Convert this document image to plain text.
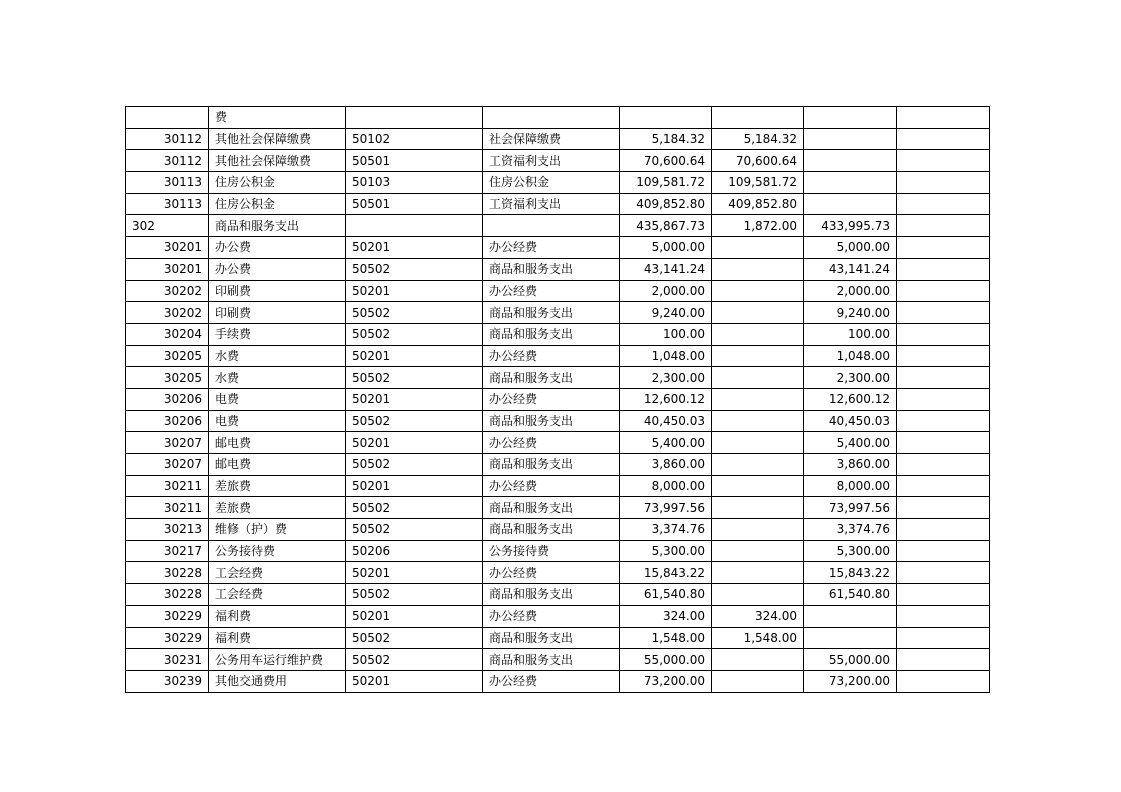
	费						
30112	其他社会保障缴费	50102	社会保障缴费	5,184.32	5,184.32		
30112	其他社会保障缴费	50501	工资福利支出	70,600.64	70,600.64		
30113	住房公积金	50103	住房公积金	109,581.72	109,581.72		
30113	住房公积金	50501	工资福利支出	409,852.80	409,852.80		
302	商品和服务支出			435,867.73	1,872.00	433,995.73	
30201	办公费	50201	办公经费	5,000.00		5,000.00	
30201	办公费	50502	商品和服务支出	43,141.24		43,141.24	
30202	印刷费	50201	办公经费	2,000.00		2,000.00	
30202	印刷费	50502	商品和服务支出	9,240.00		9,240.00	
30204	手续费	50502	商品和服务支出	100.00		100.00	
30205	水费	50201	办公经费	1,048.00		1,048.00	
30205	水费	50502	商品和服务支出	2,300.00		2,300.00	
30206	电费	50201	办公经费	12,600.12		12,600.12	
30206	电费	50502	商品和服务支出	40,450.03		40,450.03	
30207	邮电费	50201	办公经费	5,400.00		5,400.00	
30207	邮电费	50502	商品和服务支出	3,860.00		3,860.00	
30211	差旅费	50201	办公经费	8,000.00		8,000.00	
30211	差旅费	50502	商品和服务支出	73,997.56		73,997.56	
30213	维修（护）费	50502	商品和服务支出	3,374.76		3,374.76	
30217	公务接待费	50206	公务接待费	5,300.00		5,300.00	
30228	工会经费	50201	办公经费	15,843.22		15,843.22	
30228	工会经费	50502	商品和服务支出	61,540.80		61,540.80	
30229	福利费	50201	办公经费	324.00	324.00		
30229	福利费	50502	商品和服务支出	1,548.00	1,548.00		
30231	公务用车运行维护费	50502	商品和服务支出	55,000.00		55,000.00	
30239	其他交通费用	50201	办公经费	73,200.00		73,200.00	
